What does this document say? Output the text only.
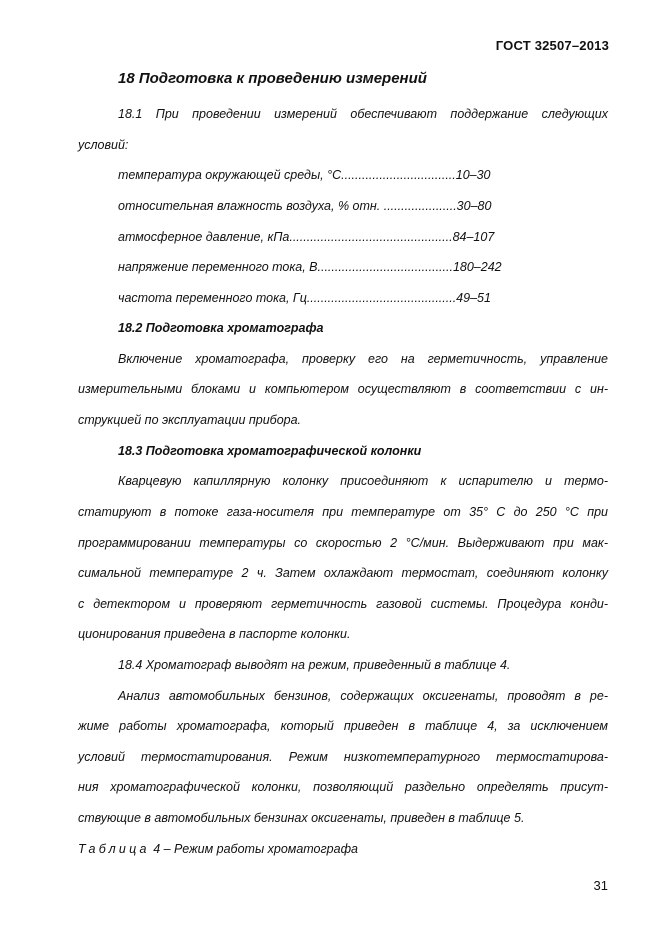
ГОСТ 32507–2013
18 Подготовка к проведению измерений
18.1 При проведении измерений обеспечивают поддержание следующих
условий:
температура окружающей среды, °С.................................10–30
относительная влажность воздуха, % отн. .....................30–80
атмосферное давление, кПа...............................................84–107
напряжение переменного тока, В.......................................180–242
частота переменного тока, Гц...........................................49–51
18.2 Подготовка хроматографа
Включение хроматографа, проверку его на герметичность, управление
измерительными блоками и компьютером осуществляют в соответствии с ин-
струкцией по эксплуатации прибора.
18.3 Подготовка хроматографической колонки
Кварцевую капиллярную колонку присоединяют к испарителю и термо-
статируют в потоке газа-носителя при температуре от 35° С до 250 °С при
программировании температуры со скоростью 2 °С/мин. Выдерживают при мак-
симальной температуре 2 ч. Затем охлаждают термостат, соединяют колонку
с детектором и проверяют герметичность газовой системы. Процедура конди-
ционирования приведена в паспорте колонки.
18.4 Хроматограф выводят на режим, приведенный в таблице 4.
Анализ автомобильных бензинов, содержащих оксигенаты, проводят в ре-
жиме работы хроматографа, который приведен в таблице 4, за исключением
условий термостатирования. Режим низкотемпературного термостатирова-
ния хроматографической колонки, позволяющий раздельно определять присут-
ствующие в автомобильных бензинах оксигенаты, приведен в таблице 5.
Таблица 4 – Режим работы хроматографа
31
